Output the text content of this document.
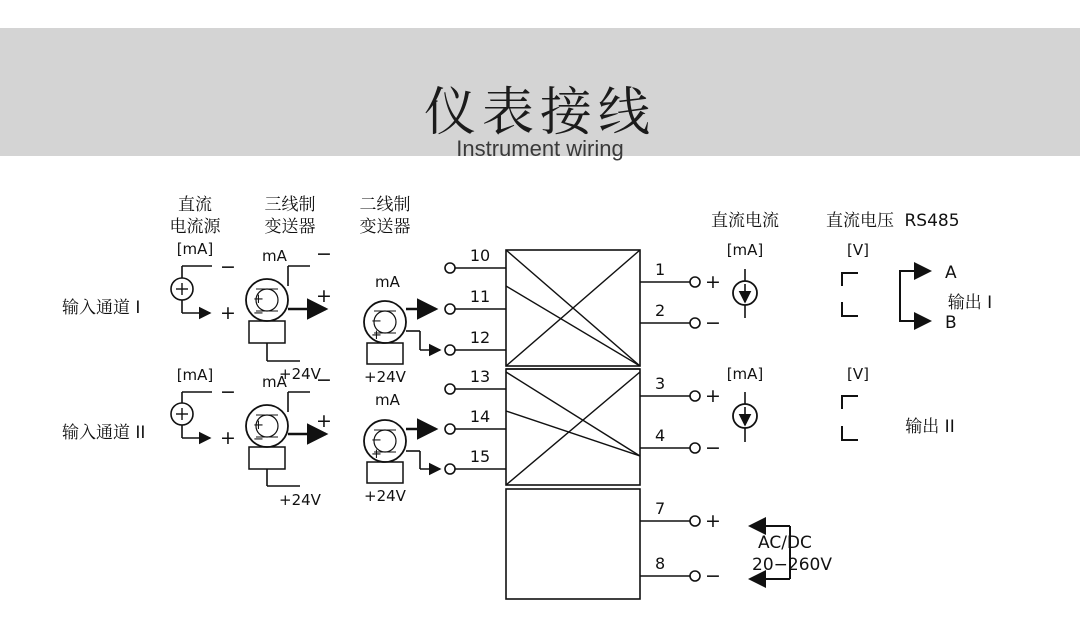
仪表接线
Instrument wiring
直流
电流源
三线制
变送器
二线制
变送器	直流电流	直流电压 RS485
10
11
12
13
14
15
输入通道 I
输入通道 II
[mA]
−
+
[mA]
−
+
mA
+
−
−
+
+24V
mA
+
−
−
+
+24V
mA
−
+
+24V
mA
−
+
+24V
1
+
2
−
3
+
4
−
7
+
8
−
[mA]	[V]
A
B
输出 I
[mA]	[V]
输出 II
AC/DC
20−260V
